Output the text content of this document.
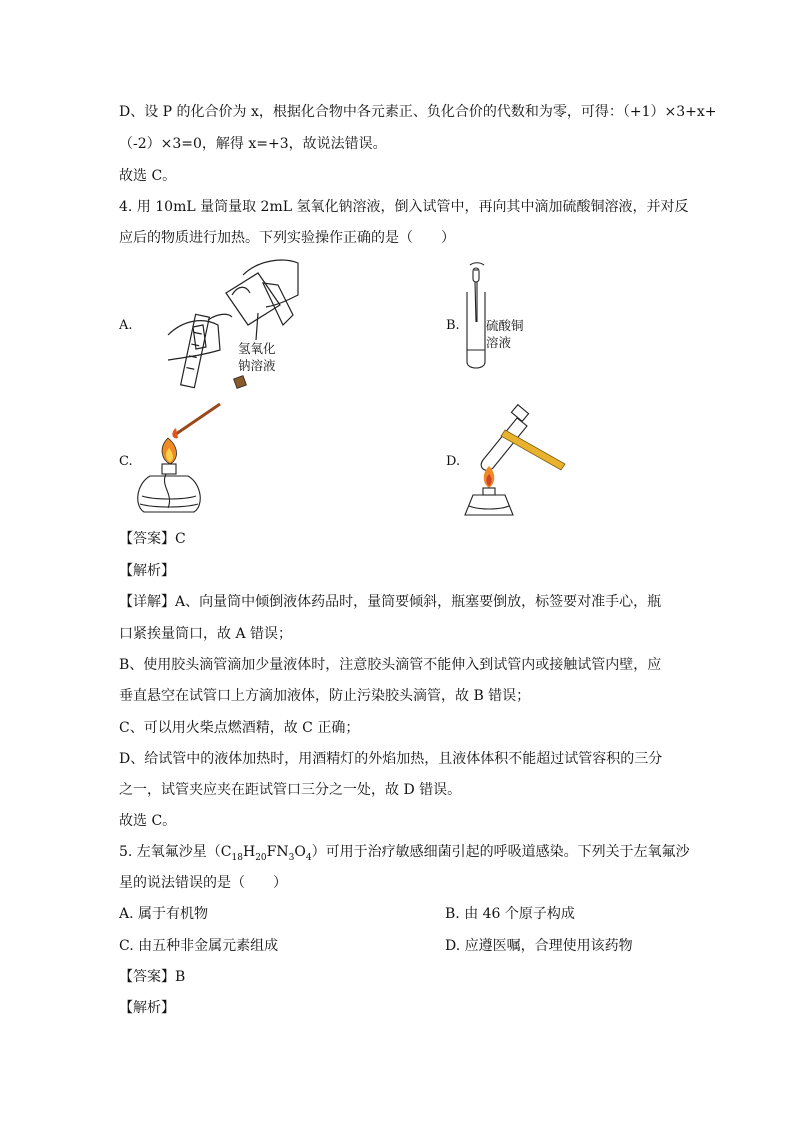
D、设 P 的化合价为 x，根据化合物中各元素正、负化合价的代数和为零，可得：（+1）×3+x+
（-2）×3=0，解得 x=+3，故说法错误。
故选 C。
4. 用 10mL 量筒量取 2mL 氢氧化钠溶液，倒入试管中，再向其中滴加硫酸铜溶液，并对反
应后的物质进行加热。下列实验操作正确的是（　　）
A.
氢氧化
钠溶液
B. 硫酸铜
溶液
C.	D.
【答案】C
【解析】
【详解】A、向量筒中倾倒液体药品时，量筒要倾斜，瓶塞要倒放，标签要对准手心，瓶
口紧挨量筒口，故 A 错误；
B、使用胶头滴管滴加少量液体时，注意胶头滴管不能伸入到试管内或接触试管内壁，应
垂直悬空在试管口上方滴加液体，防止污染胶头滴管，故 B 错误；
C、可以用火柴点燃酒精，故 C 正确；
D、给试管中的液体加热时，用酒精灯的外焰加热，且液体体积不能超过试管容积的三分
之一，试管夹应夹在距试管口三分之一处，故 D 错误。
故选 C。
5. 左氧氟沙星$(C_{18}H_{20}FN_3O_4)$可用于治疗敏感细菌引起的呼吸道感染。下列关于左氧氟沙
星的说法错误的是（　　）
A. 属于有机物	B. 由 46 个原子构成
C. 由五种非金属元素组成	D. 应遵医嘱，合理使用该药物
【答案】B
【解析】
